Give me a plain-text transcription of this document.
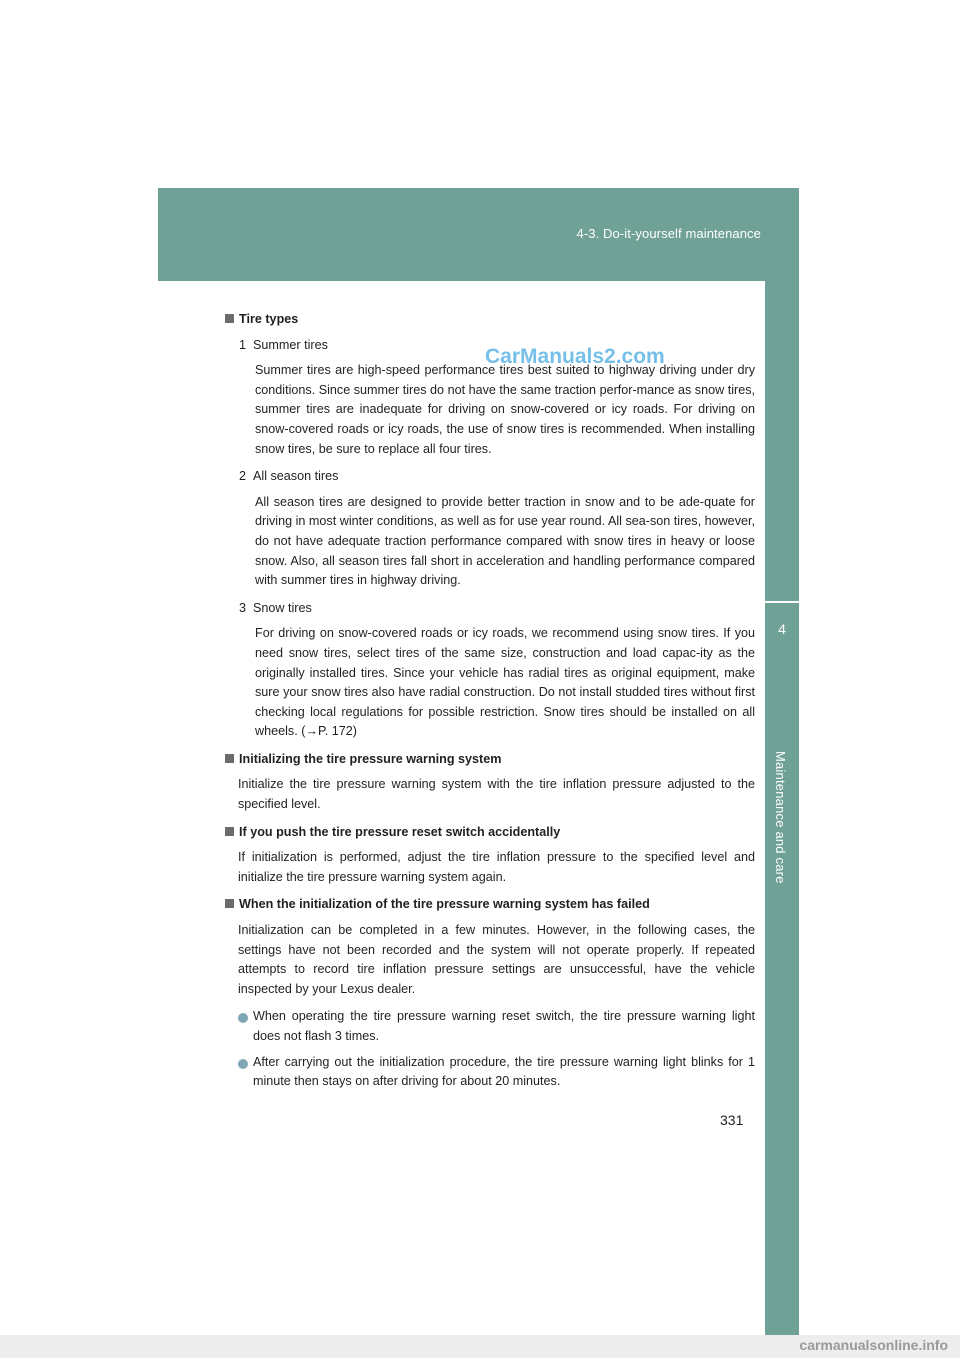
4-3. Do-it-yourself maintenance
4
Maintenance and care
CarManuals2.com
Tire types
1 Summer tires
Summer tires are high-speed performance tires best suited to highway driving under dry conditions. Since summer tires do not have the same traction perfor-mance as snow tires, summer tires are inadequate for driving on snow-covered or icy roads. For driving on snow-covered roads or icy roads, the use of snow tires is recommended. When installing snow tires, be sure to replace all four tires.
2 All season tires
All season tires are designed to provide better traction in snow and to be ade-quate for driving in most winter conditions, as well as for use year round. All sea-son tires, however, do not have adequate traction performance compared with snow tires in heavy or loose snow. Also, all season tires fall short in acceleration and handling performance compared with summer tires in highway driving.
3 Snow tires
For driving on snow-covered roads or icy roads, we recommend using snow tires. If you need snow tires, select tires of the same size, construction and load capac-ity as the originally installed tires. Since your vehicle has radial tires as original equipment, make sure your snow tires also have radial construction. Do not install studded tires without first checking local regulations for possible restriction. Snow tires should be installed on all wheels. (→P. 172)
Initializing the tire pressure warning system
Initialize the tire pressure warning system with the tire inflation pressure adjusted to the specified level.
If you push the tire pressure reset switch accidentally
If initialization is performed, adjust the tire inflation pressure to the specified level and initialize the tire pressure warning system again.
When the initialization of the tire pressure warning system has failed
Initialization can be completed in a few minutes. However, in the following cases, the settings have not been recorded and the system will not operate properly. If repeated attempts to record tire inflation pressure settings are unsuccessful, have the vehicle inspected by your Lexus dealer.
When operating the tire pressure warning reset switch, the tire pressure warning light does not flash 3 times.
After carrying out the initialization procedure, the tire pressure warning light blinks for 1 minute then stays on after driving for about 20 minutes.
331
carmanualsonline.info
